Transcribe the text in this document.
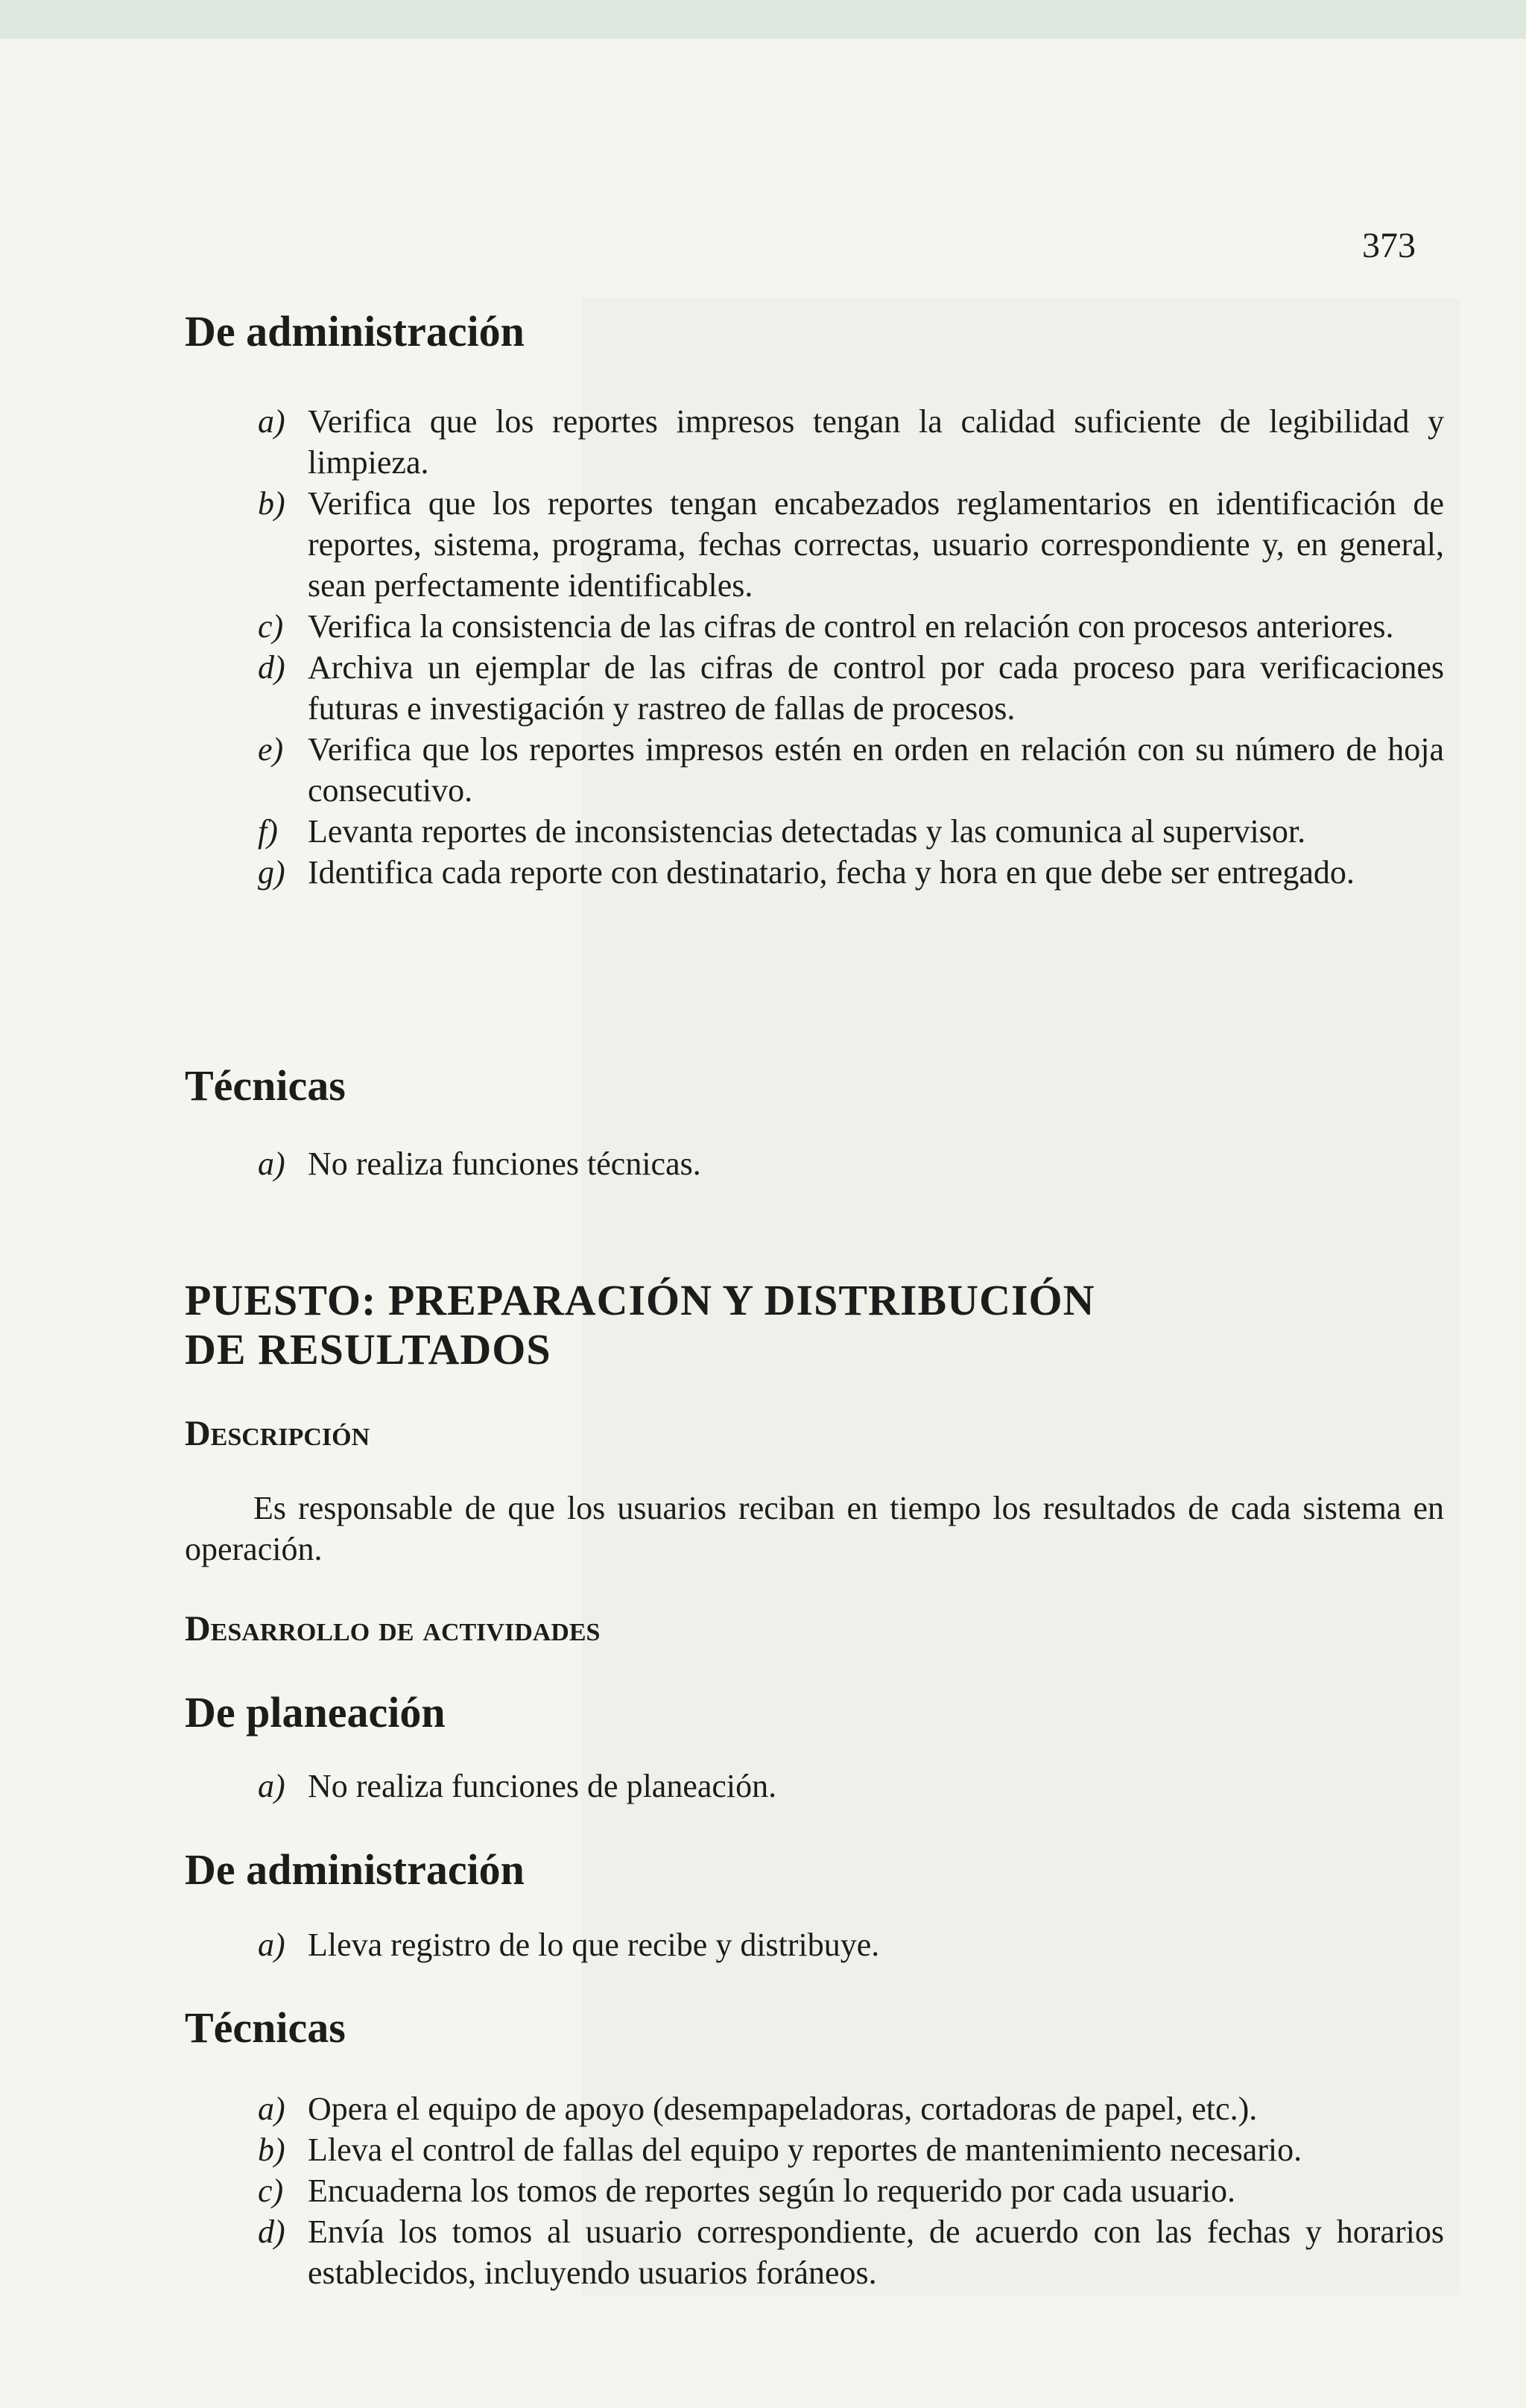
373
De administración
a) Verifica que los reportes impresos tengan la calidad suficiente de legibilidad y limpieza.
b) Verifica que los reportes tengan encabezados reglamentarios en identificación de reportes, sistema, programa, fechas correctas, usuario correspondiente y, en general, sean perfectamente identificables.
c) Verifica la consistencia de las cifras de control en relación con procesos anteriores.
d) Archiva un ejemplar de las cifras de control por cada proceso para verificaciones futuras e investigación y rastreo de fallas de procesos.
e) Verifica que los reportes impresos estén en orden en relación con su número de hoja consecutivo.
f) Levanta reportes de inconsistencias detectadas y las comunica al supervisor.
g) Identifica cada reporte con destinatario, fecha y hora en que debe ser entregado.
Técnicas
a) No realiza funciones técnicas.
PUESTO: PREPARACIÓN Y DISTRIBUCIÓN
DE RESULTADOS
Descripción

Es responsable de que los usuarios reciban en tiempo los resultados de cada sistema en operación.

Desarrollo de actividades
De planeación
a) No realiza funciones de planeación.
De administración
a) Lleva registro de lo que recibe y distribuye.
Técnicas
a) Opera el equipo de apoyo (desempapeladoras, cortadoras de papel, etc.).
b) Lleva el control de fallas del equipo y reportes de mantenimiento necesario.
c) Encuaderna los tomos de reportes según lo requerido por cada usuario.
d) Envía los tomos al usuario correspondiente, de acuerdo con las fechas y horarios establecidos, incluyendo usuarios foráneos.
